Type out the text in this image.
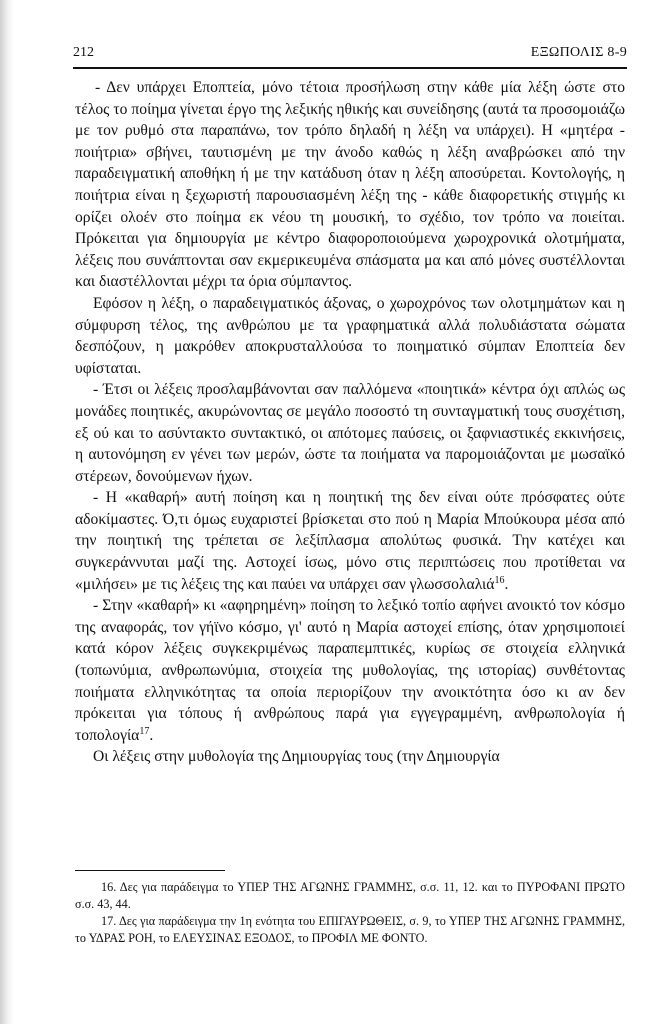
212	ΕΞΩΠΟΛΙΣ 8-9

- Δεν υπάρχει Εποπτεία, μόνο τέτοια προσήλωση στην κάθε μία λέξη ώστε στο τέλος το ποίημα γίνεται έργο της λεξικής ηθικής και συνείδησης (αυτά τα προσομοιάζω με τον ρυθμό στα παραπάνω, τον τρόπο δηλαδή η λέξη να υπάρχει). Η «μητέρα - ποιήτρια» σβήνει, ταυτισμένη με την άνοδο καθώς η λέξη αναβρώσκει από την παραδειγματική αποθήκη ή με την κατάδυση όταν η λέξη αποσύρεται. Κοντολογής, η ποιήτρια είναι η ξεχωριστή παρουσιασμένη λέξη της - κάθε διαφορετικής στιγμής κι ορίζει ολοέν στο ποίημα εκ νέου τη μουσική, το σχέδιο, τον τρόπο να ποιείται. Πρόκειται για δημιουργία με κέντρο διαφοροποιούμενα χωροχρονικά ολοτμήματα, λέξεις που συνάπτονται σαν εκμερικευμένα σπάσματα μα και από μόνες συστέλλονται και διαστέλλονται μέχρι τα όρια σύμπαντος.

Εφόσον η λέξη, ο παραδειγματικός άξονας, ο χωροχρόνος των ολοτμημάτων και η σύμφυρση τέλος, της ανθρώπου με τα γραφηματικά αλλά πολυδιάστατα σώματα δεσπόζουν, η μακρόθεν αποκρυσταλλούσα το ποιηματικό σύμπαν Εποπτεία δεν υφίσταται.

- Έτσι οι λέξεις προσλαμβάνονται σαν παλλόμενα «ποιητικά» κέντρα όχι απλώς ως μονάδες ποιητικές, ακυρώνοντας σε μεγάλο ποσοστό τη συνταγματική τους συσχέτιση, εξ ού και το ασύντακτο συντακτικό, οι απότομες παύσεις, οι ξαφνιαστικές εκκινήσεις, η αυτονόμηση εν γένει των μερών, ώστε τα ποιήματα να παρομοιάζονται με μωσαϊκό στέρεων, δονούμενων ήχων.

- Η «καθαρή» αυτή ποίηση και η ποιητική της δεν είναι ούτε πρόσφατες ούτε αδοκίμαστες. Ό,τι όμως ευχαριστεί βρίσκεται στο πού η Μαρία Μπούκουρα μέσα από την ποιητική της τρέπεται σε λεξίπλασμα απολύτως φυσικά. Την κατέχει και συγκεράννυται μαζί της. Αστοχεί ίσως, μόνο στις περιπτώσεις που προτίθεται να «μιλήσει» με τις λέξεις της και παύει να υπάρχει σαν γλωσσολαλιά$^{16}$.

- Στην «καθαρή» κι «αφηρημένη» ποίηση το λεξικό τοπίο αφήνει ανοικτό τον κόσμο της αναφοράς, τον γήϊνο κόσμο, γι' αυτό η Μαρία αστοχεί επίσης, όταν χρησιμοποιεί κατά κόρον λέξεις συγκεκριμένως παραπεμπτικές, κυρίως σε στοιχεία ελληνικά (τοπωνύμια, ανθρωπωνύμια, στοιχεία της μυθολογίας, της ιστορίας) συνθέτοντας ποιήματα ελληνικότητας τα οποία περιορίζουν την ανοικτότητα όσο κι αν δεν πρόκειται για τόπους ή ανθρώπους παρά για εγγεγραμμένη, ανθρωπολογία ή τοπολογία$^{17}$.

Οι λέξεις στην μυθολογία της Δημιουργίας τους (την Δημιουργία

16. Δες για παράδειγμα το ΥΠΕΡ ΤΗΣ ΑΓΩΝΗΣ ΓΡΑΜΜΗΣ, σ.σ. 11, 12. και το ΠΥΡΟΦΑΝΙ ΠΡΩΤΟ σ.σ. 43, 44.

17. Δες για παράδειγμα την 1η ενότητα του ΕΠΙΓΑΥΡΩΘΕΙΣ, σ. 9, το ΥΠΕΡ ΤΗΣ ΑΓΩΝΗΣ ΓΡΑΜΜΗΣ, το ΥΔΡΑΣ ΡΟΗ, το ΕΛΕΥΣΙΝΑΣ ΕΞΟΔΟΣ, το ΠΡΟΦΙΛ ΜΕ ΦΟΝΤΟ.
